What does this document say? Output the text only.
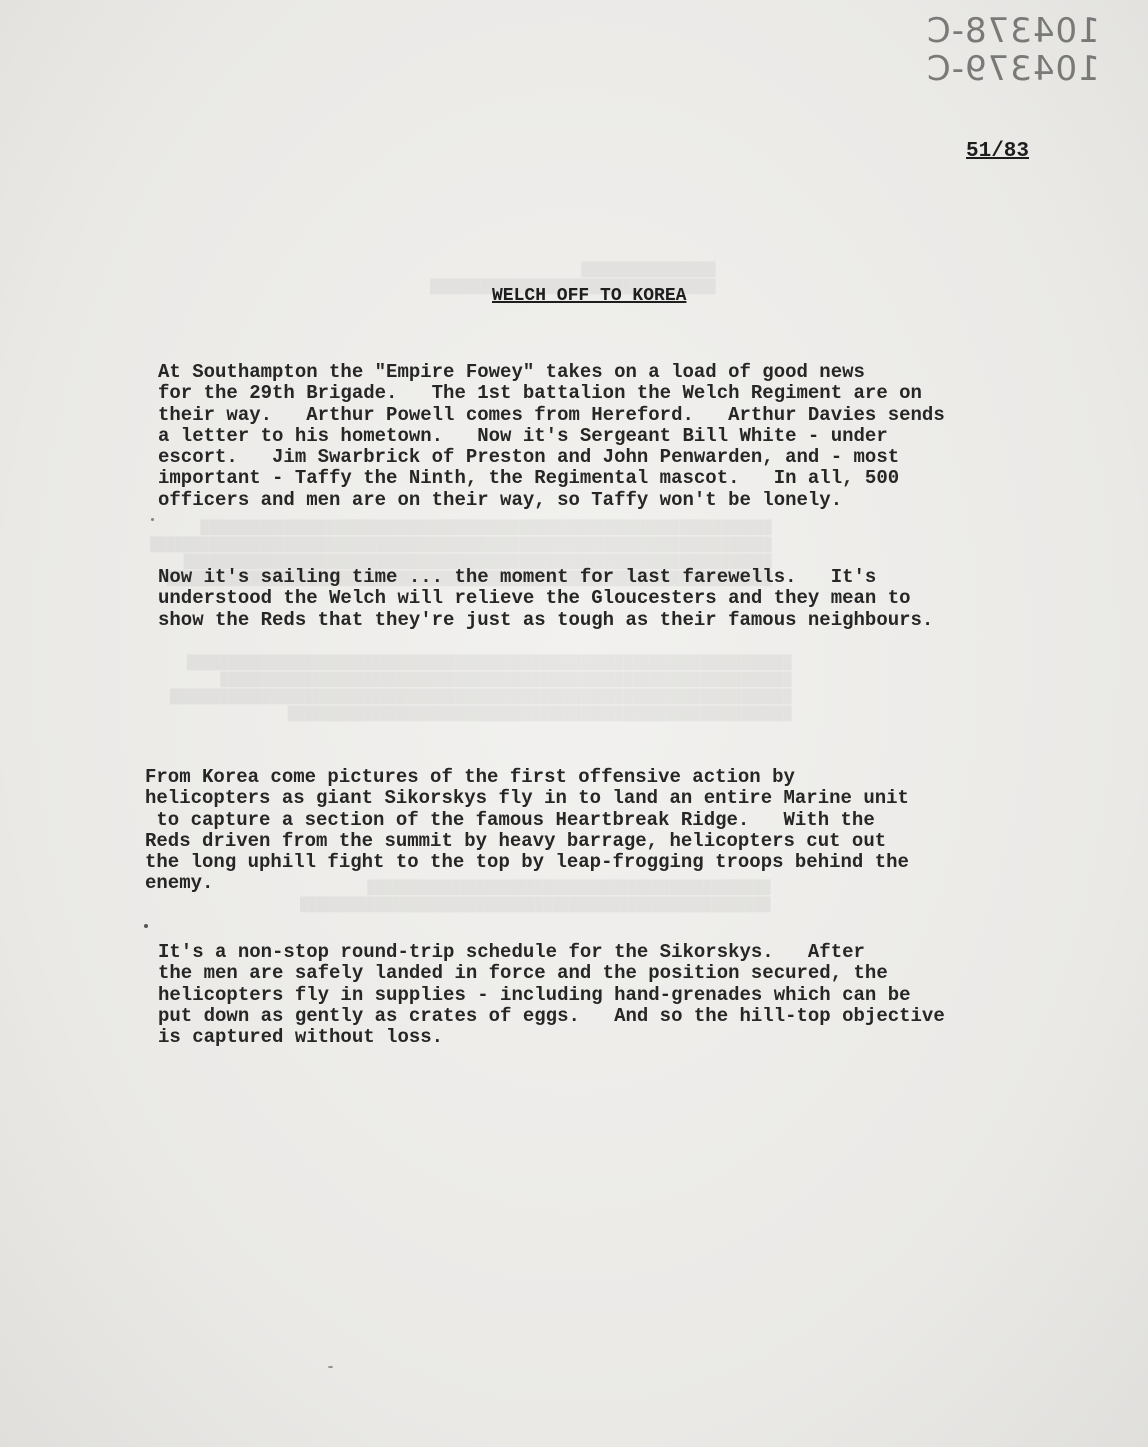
104378-C
104379-C
51/83
WELCH OFF TO KOREA
At Southampton the "Empire Fowey" takes on a load of good news
for the 29th Brigade.   The 1st battalion the Welch Regiment are on
their way.   Arthur Powell comes from Hereford.   Arthur Davies sends
a letter to his hometown.   Now it's Sergeant Bill White - under
escort.   Jim Swarbrick of Preston and John Penwarden, and - most
important - Taffy the Ninth, the Regimental mascot.   In all, 500
officers and men are on their way, so Taffy won't be lonely.
Now it's sailing time ... the moment for last farewells.   It's
understood the Welch will relieve the Gloucesters and they mean to
show the Reds that they're just as tough as their famous neighbours.
From Korea come pictures of the first offensive action by
helicopters as giant Sikorskys fly in to land an entire Marine unit
to capture a section of the famous Heartbreak Ridge.   With the
Reds driven from the summit by heavy barrage, helicopters cut out
the long uphill fight to the top by leap-frogging troops behind the
enemy.
It's a non-stop round-trip schedule for the Sikorskys.   After
the men are safely landed in force and the position secured, the
helicopters fly in supplies - including hand-grenades which can be
put down as gently as crates of eggs.   And so the hill-top objective
is captured without loss.
